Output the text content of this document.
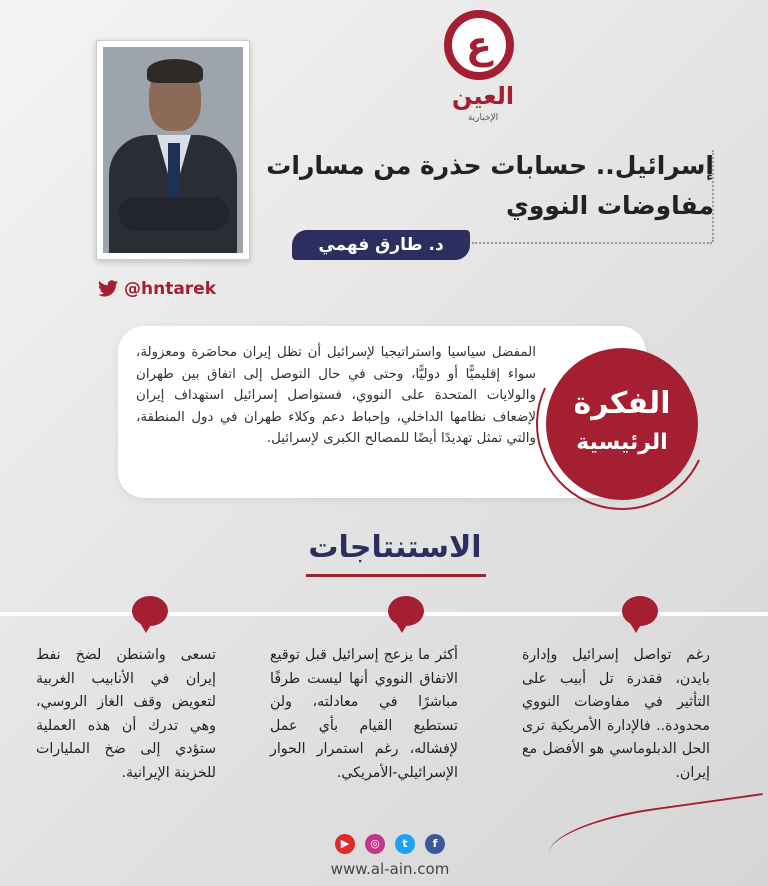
ع
العين
الإخبارية
إسرائيل.. حسابات حذرة من مسارات
مفاوضات النووي
د. طارق فهمي
@hntarek
المفضل سياسيا واستراتيجيا لإسرائيل أن تظل إيران محاصَرة ومعزولة، سواء إقليميًّا أو دوليًّا، وحتى في حال التوصل إلى اتفاق بين طهران والولايات المتحدة على النووي، فستواصل إسرائيل استهداف إيران لإضعاف نظامها الداخلي، وإحباط دعم وكلاء طهران في دول المنطقة، والتي تمثل تهديدًا أيضًا للمصالح الكبرى لإسرائيل.
الفكرة
الرئيسية
الاستنتاجات
رغم تواصل إسرائيل وإدارة بايدن، فقدرة تل أبيب على التأثير في مفاوضات النووي محدودة.. فالإدارة الأمريكية ترى الحل الدبلوماسي هو الأفضل مع إيران.
أكثر ما يزعج إسرائيل قبل توقيع الاتفاق النووي أنها ليست طرفًا مباشرًا في معادلته، ولن تستطيع القيام بأي عمل لإفشاله، رغم استمرار الحوار الإسرائيلي-الأمريكي.
تسعى واشنطن لضخ نفط إيران في الأنابيب الغربية لتعويض وقف الغاز الروسي، وهي تدرك أن هذه العملية ستؤدي إلى ضخ المليارات للخزينة الإيرانية.
▶	◎	t	f
www.al-ain.com
